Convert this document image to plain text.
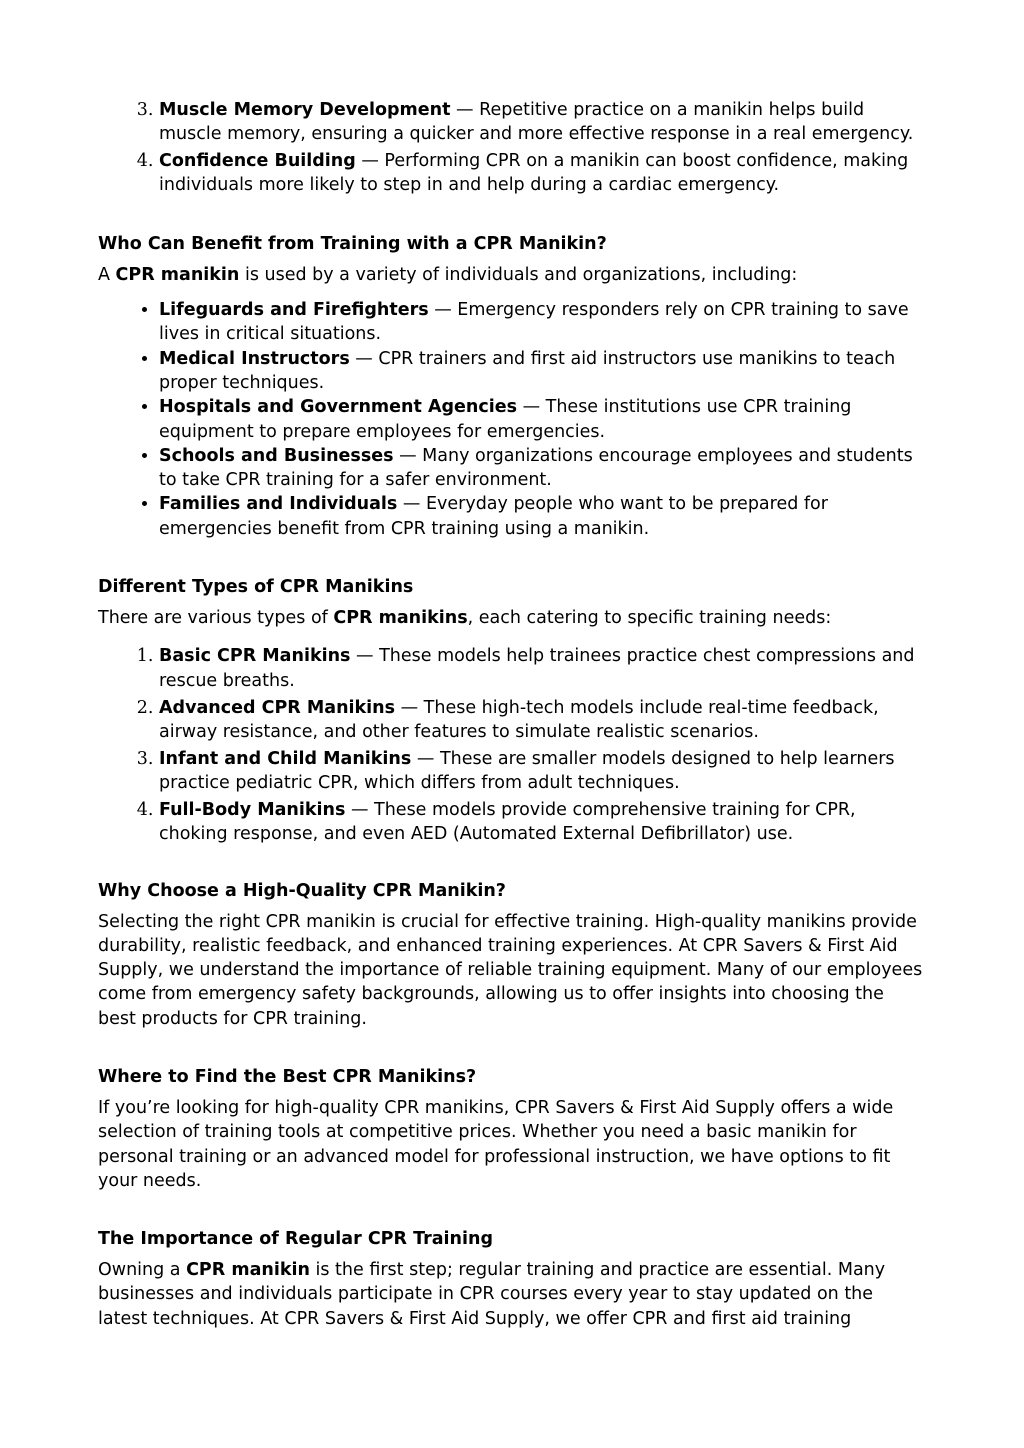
3. Muscle Memory Development — Repetitive practice on a manikin helps build muscle memory, ensuring a quicker and more effective response in a real emergency.
4. Confidence Building — Performing CPR on a manikin can boost confidence, making individuals more likely to step in and help during a cardiac emergency.
Who Can Benefit from Training with a CPR Manikin?

A CPR manikin is used by a variety of individuals and organizations, including:

• Lifeguards and Firefighters — Emergency responders rely on CPR training to save lives in critical situations.
• Medical Instructors — CPR trainers and first aid instructors use manikins to teach proper techniques.
• Hospitals and Government Agencies — These institutions use CPR training equipment to prepare employees for emergencies.
• Schools and Businesses — Many organizations encourage employees and students to take CPR training for a safer environment.
• Families and Individuals — Everyday people who want to be prepared for emergencies benefit from CPR training using a manikin.
Different Types of CPR Manikins

There are various types of CPR manikins, each catering to specific training needs:

1. Basic CPR Manikins — These models help trainees practice chest compressions and rescue breaths.
2. Advanced CPR Manikins — These high-tech models include real-time feedback, airway resistance, and other features to simulate realistic scenarios.
3. Infant and Child Manikins — These are smaller models designed to help learners practice pediatric CPR, which differs from adult techniques.
4. Full-Body Manikins — These models provide comprehensive training for CPR, choking response, and even AED (Automated External Defibrillator) use.
Why Choose a High-Quality CPR Manikin?

Selecting the right CPR manikin is crucial for effective training. High-quality manikins provide durability, realistic feedback, and enhanced training experiences. At CPR Savers & First Aid Supply, we understand the importance of reliable training equipment. Many of our employees come from emergency safety backgrounds, allowing us to offer insights into choosing the best products for CPR training.

Where to Find the Best CPR Manikins?

If you’re looking for high-quality CPR manikins, CPR Savers & First Aid Supply offers a wide selection of training tools at competitive prices. Whether you need a basic manikin for personal training or an advanced model for professional instruction, we have options to fit your needs.

The Importance of Regular CPR Training

Owning a CPR manikin is the first step; regular training and practice are essential. Many businesses and individuals participate in CPR courses every year to stay updated on the latest techniques. At CPR Savers & First Aid Supply, we offer CPR and first aid training
